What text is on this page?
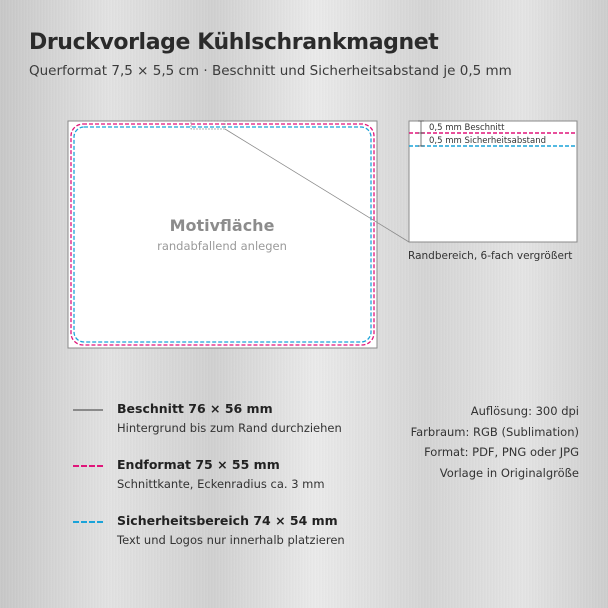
Druckvorlage Kühlschrankmagnet
Querformat 7,5 × 5,5 cm · Beschnitt und Sicherheitsabstand je 0,5 mm
Motivfläche
randabfallend anlegen
0,5 mm Beschnitt
0,5 mm Sicherheitsabstand
Randbereich, 6-fach vergrößert
Beschnitt 76 × 56 mm
Hintergrund bis zum Rand durchziehen
Endformat 75 × 55 mm
Schnittkante, Eckenradius ca. 3 mm
Sicherheitsbereich 74 × 54 mm
Text und Logos nur innerhalb platzieren
Auflösung: 300 dpi
Farbraum: RGB (Sublimation)
Format: PDF, PNG oder JPG
Vorlage in Originalgröße
